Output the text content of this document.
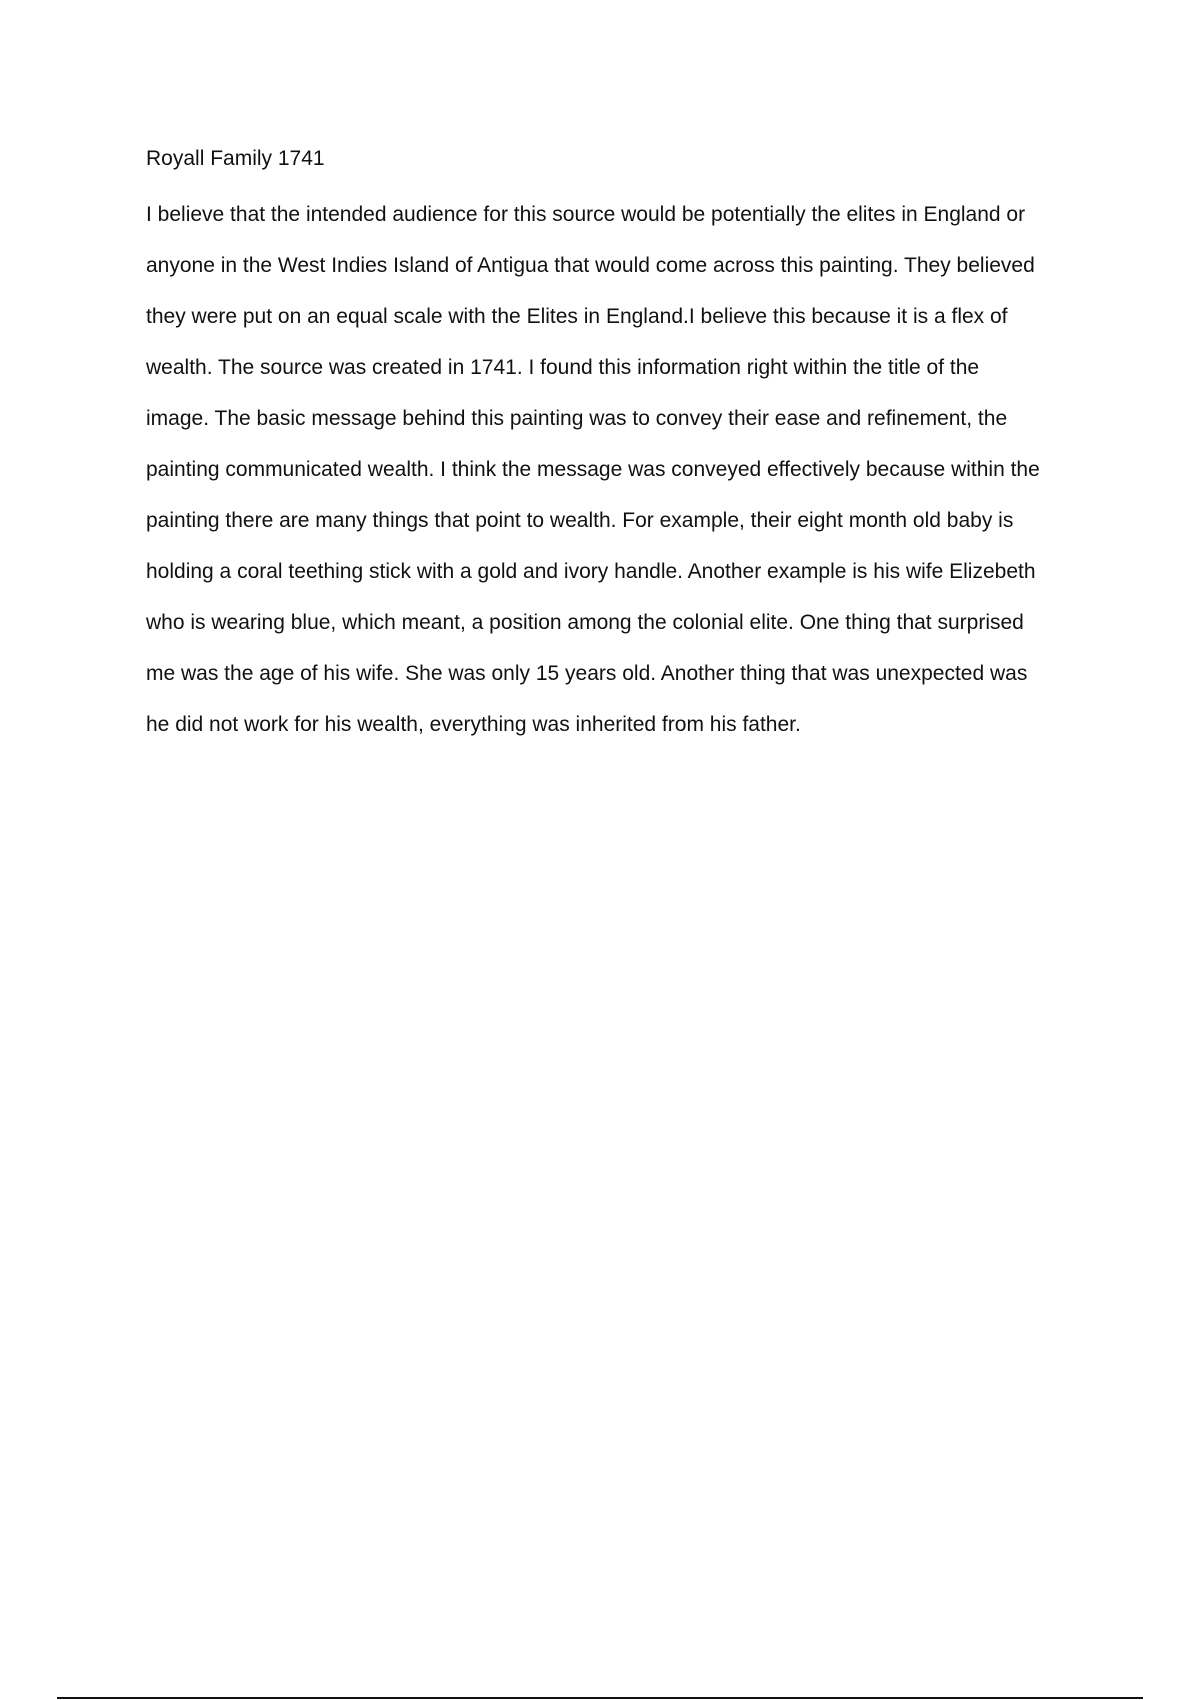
Royall Family 1741
I believe that the intended audience for this source would be potentially the elites in England or
anyone in the West Indies Island of Antigua that would come across this painting. They believed
they were put on an equal scale with the Elites in England.I believe this because it is a flex of
wealth. The source was created in 1741. I found this information right within the title of the
image. The basic message behind this painting was to convey their ease and refinement, the
painting communicated wealth. I think the message was conveyed effectively because within the
painting there are many things that point to wealth. For example, their eight month old baby is
holding a coral teething stick with a gold and ivory handle. Another example is his wife Elizebeth
who is wearing blue, which meant, a position among the colonial elite. One thing that surprised
me was the age of his wife. She was only 15 years old. Another thing that was unexpected was
he did not work for his wealth, everything was inherited from his father.
